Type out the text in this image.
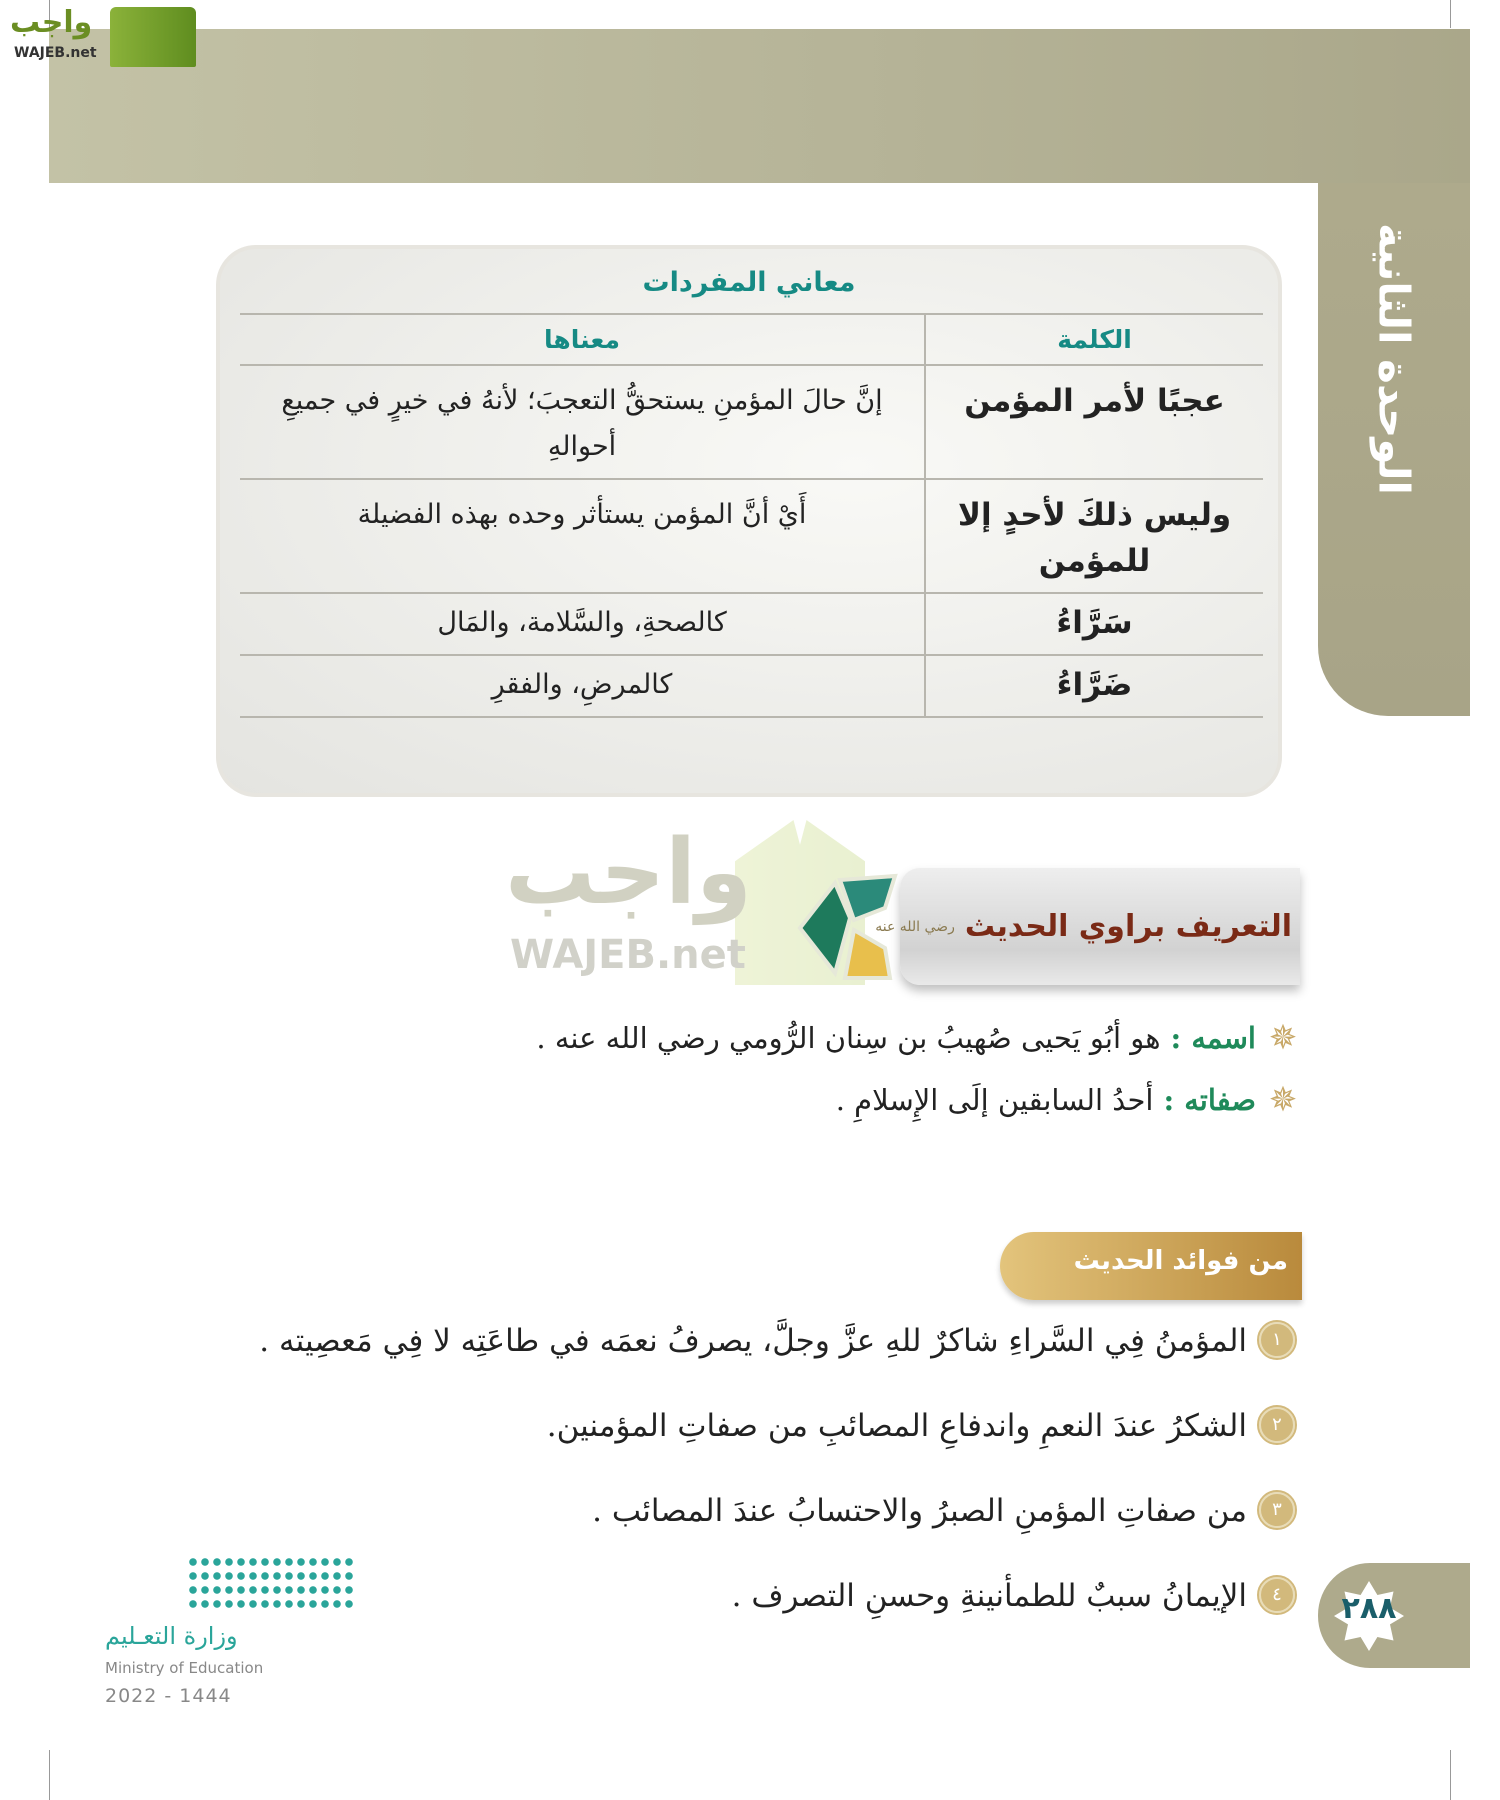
الوحدة الثانية
واجب
WAJEB.net
معاني المفردات
الكلمة	معناها
عجبًا لأمر المؤمن	إنَّ حالَ المؤمنِ يستحقُّ التعجبَ؛ لأنهُ في خيرٍ في جميعِ أحوالهِ
وليس ذلكَ لأحدٍ إلا للمؤمن	أَيْ أنَّ المؤمن يستأثر وحده بهذه الفضيلة
سَرَّاءُ	كالصحةِ، والسَّلامة، والمَال
ضَرَّاءُ	كالمرضِ، والفقرِ
واجب
WAJEB.net
التعريف براوي الحديث
رضي الله عنه
✵
اسمه :
هو أبُو يَحيى صُهيبُ بن سِنان الرُّومي رضي الله عنه .
✵
صفاته :
أحدُ السابقين إلَى الإِسلامِ .
من فوائد الحديث
١
المؤمنُ فِي السَّراءِ شاكرٌ للهِ عزَّ وجلَّ، يصرفُ نعمَه في طاعَتِه لا فِي مَعصِيته .
٢
الشكرُ عندَ النعمِ واندفاعِ المصائبِ من صفاتِ المؤمنين.
٣
من صفاتِ المؤمنِ الصبرُ والاحتسابُ عندَ المصائب .
٤
الإيمانُ سببٌ للطمأنينةِ وحسنِ التصرف .	٢٨٨
وزارة التعـليم
Ministry of Education
2022 - 1444
